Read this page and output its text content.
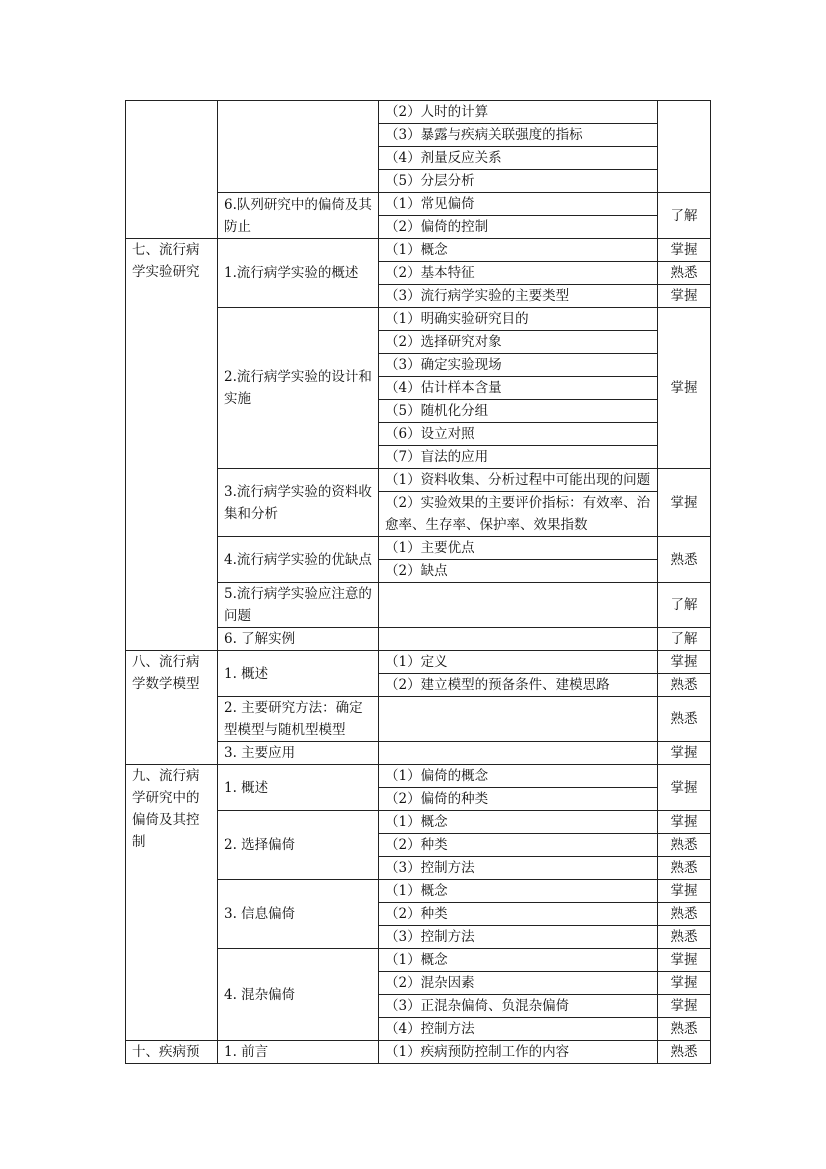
		（2）人时的计算	
		（3）暴露与疾病关联强度的指标	
		（4）剂量反应关系	
		（5）分层分析	
	6.队列研究中的偏倚及其防止	（1）常见偏倚	了解
		（2）偏倚的控制	
七、流行病学实验研究	1.流行病学实验的概述	（1）概念	掌握
		（2）基本特征	熟悉
		（3）流行病学实验的主要类型	掌握
	2.流行病学实验的设计和实施	（1）明确实验研究目的	掌握
		（2）选择研究对象	
		（3）确定实验现场	
		（4）估计样本含量	
		（5）随机化分组	
		（6）设立对照	
		（7）盲法的应用	
	3.流行病学实验的资料收集和分析	（1）资料收集、分析过程中可能出现的问题	掌握
		（2）实验效果的主要评价指标：有效率、治愈率、生存率、保护率、效果指数	
	4.流行病学实验的优缺点	（1）主要优点	熟悉
		（2）缺点	
	5.流行病学实验应注意的问题		了解
	6. 了解实例		了解
八、流行病学数学模型	1. 概述	（1）定义	掌握
		（2）建立模型的预备条件、建模思路	熟悉
	2. 主要研究方法：确定型模型与随机型模型		熟悉
	3. 主要应用		掌握
九、流行病学研究中的偏倚及其控制	1. 概述	（1）偏倚的概念	掌握
		（2）偏倚的种类	
	2. 选择偏倚	（1）概念	掌握
		（2）种类	熟悉
		（3）控制方法	熟悉
	3. 信息偏倚	（1）概念	掌握
		（2）种类	熟悉
		（3）控制方法	熟悉
	4. 混杂偏倚	（1）概念	掌握
		（2）混杂因素	掌握
		（3）正混杂偏倚、负混杂偏倚	掌握
		（4）控制方法	熟悉
十、疾病预	1. 前言	（1）疾病预防控制工作的内容	熟悉
